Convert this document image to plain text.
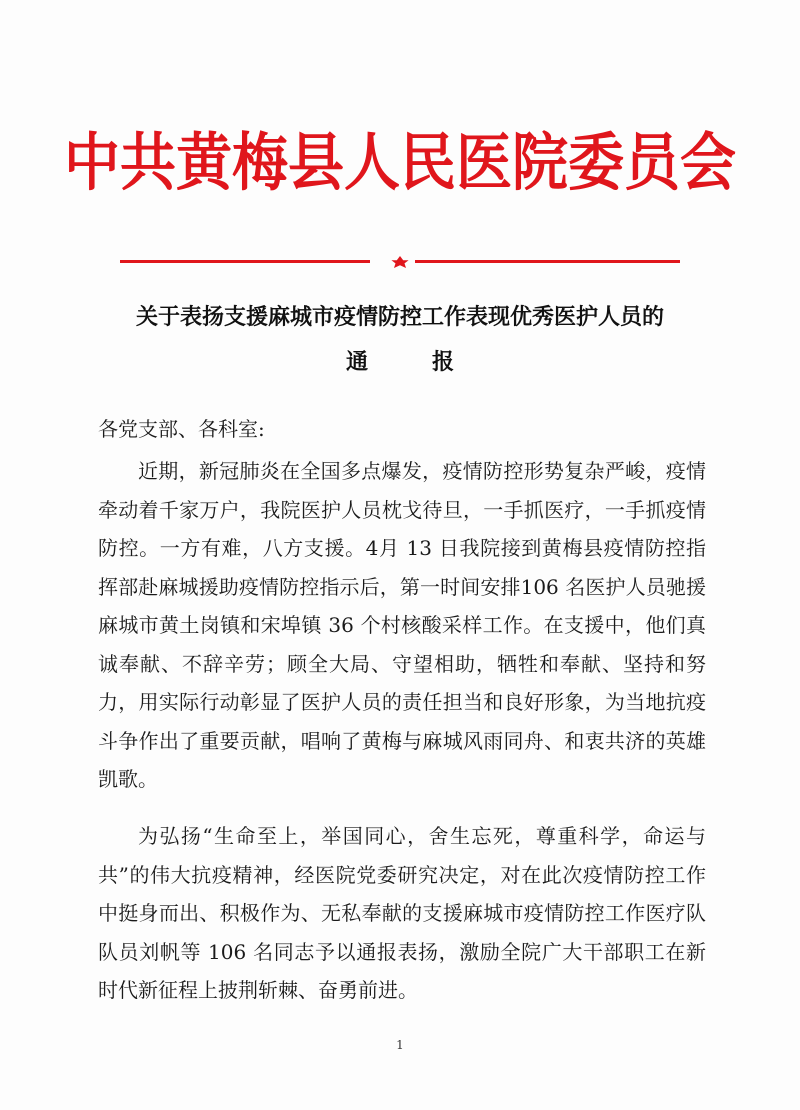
中共黄梅县人民医院委员会
关于表扬支援麻城市疫情防控工作表现优秀医护人员的
通	报
各党支部、各科室:
近期，新冠肺炎在全国多点爆发，疫情防控形势复杂严峻，疫情牵动着千家万户，我院医护人员枕戈待旦，一手抓医疗，一手抓疫情防控。一方有难，八方支援。4月 13 日我院接到黄梅县疫情防控指挥部赴麻城援助疫情防控指示后，第一时间安排106 名医护人员驰援麻城市黄土岗镇和宋埠镇 36 个村核酸采样工作。在支援中，他们真诚奉献、不辞辛劳；顾全大局、守望相助，牺牲和奉献、坚持和努力，用实际行动彰显了医护人员的责任担当和良好形象，为当地抗疫斗争作出了重要贡献，唱响了黄梅与麻城风雨同舟、和衷共济的英雄凯歌。
为弘扬“生命至上，举国同心，舍生忘死，尊重科学，命运与共”的伟大抗疫精神，经医院党委研究决定，对在此次疫情防控工作中挺身而出、积极作为、无私奉献的支援麻城市疫情防控工作医疗队队员刘帆等 106 名同志予以通报表扬，激励全院广大干部职工在新时代新征程上披荆斩棘、奋勇前进。
1
